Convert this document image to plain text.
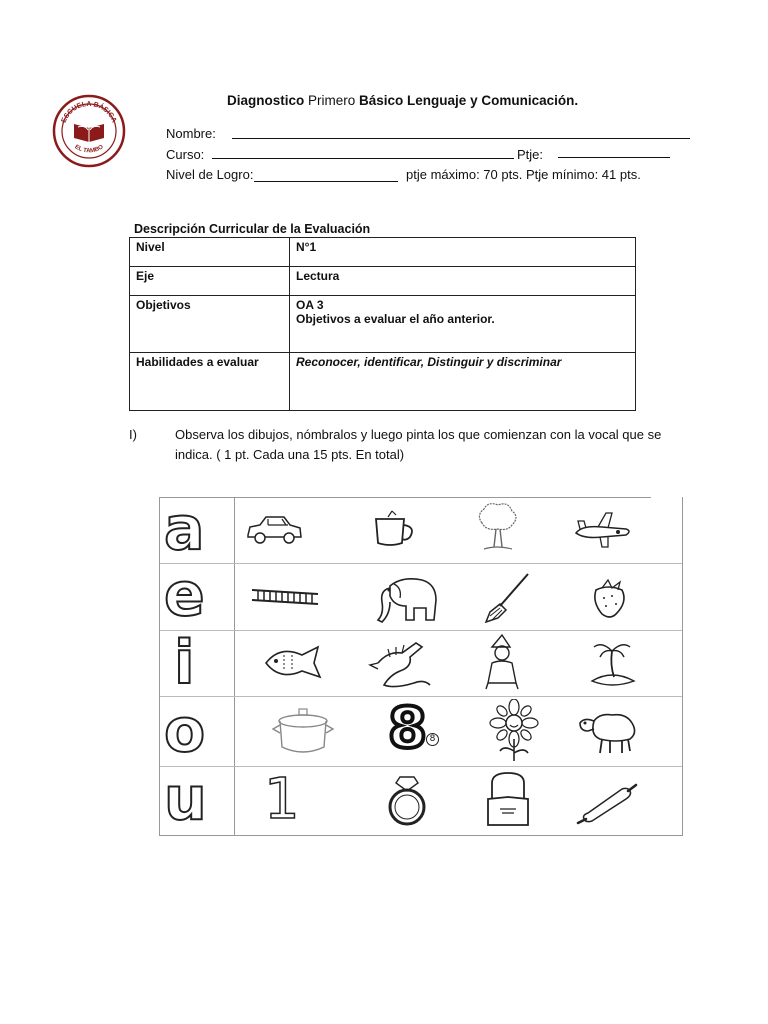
ESCUELA BÁSICA
EL TAMBO
Diagnostico Primero Básico Lenguaje y Comunicación.
Nombre:
Curso:	Ptje:
Nivel de Logro:	ptje máximo: 70 pts. Ptje mínimo: 41 pts.
Descripción Curricular de la Evaluación
Nivel	N°1
Eje	Lectura
Objetivos	OA 3
Objetivos a evaluar el año anterior.

Habilidades a evaluar	Reconocer, identificar, Distinguir y discriminar
I)	Observa los dibujos, nómbralos y luego pinta los que comienzan con la vocal que se
indica. ( 1 pt. Cada una 15 pts. En total)
a
e
i
o	8 8
u 1
